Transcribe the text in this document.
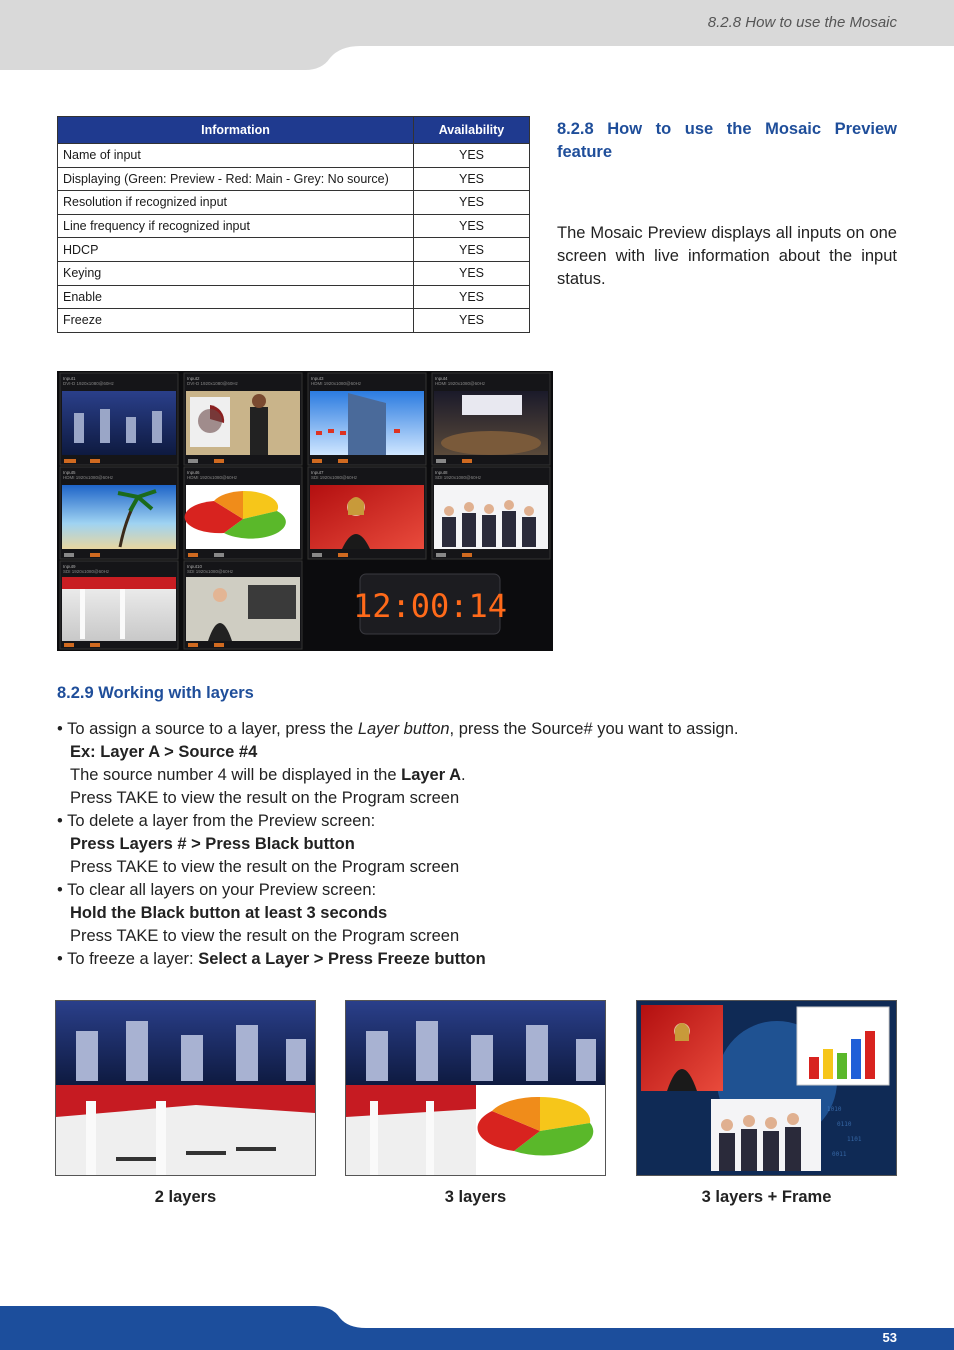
8.2.8 How to use the Mosaic
Information	Availability
Name of input	YES
Displaying (Green: Preview - Red: Main - Grey: No source)	YES
Resolution if recognized input	YES
Line frequency if recognized input	YES
HDCP	YES
Keying	YES
Enable	YES
Freeze	YES
8.2.8 How to use the Mosaic Preview
feature
The Mosaic Preview displays all inputs on one screen with live information about the input status.
Input1
DVI-D 1920x1080@60Hz
Input2
DVI-D 1920x1080@60Hz
Input3
HDMI 1920x1080@60Hz
Input4
HDMI 1920x1080@60Hz
Input5
HDMI 1920x1080@60Hz
Input6
HDMI 1920x1080@60Hz
Input7
SDI 1920x1080@60Hz
Input8
SDI 1920x1080@60Hz
Input9
SDI 1920x1080@60Hz
Input10
SDI 1920x1080@60Hz
12:00:14
8.2.9 Working with layers
• To assign a source to a layer, press the Layer button, press the Source# you want to assign.
Ex: Layer A > Source #4
The source number 4 will be displayed in the Layer A.
Press TAKE to view the result on the Program screen
• To delete a layer from the Preview screen:
Press Layers # > Press Black button
Press TAKE to view the result on the Program screen
• To clear all layers on your Preview screen:
Hold the Black button at least 3 seconds
Press TAKE to view the result on the Program screen
• To freeze a layer: Select a Layer > Press Freeze button
1010
0110
1101
0011
2 layers	3 layers	3 layers + Frame
53
